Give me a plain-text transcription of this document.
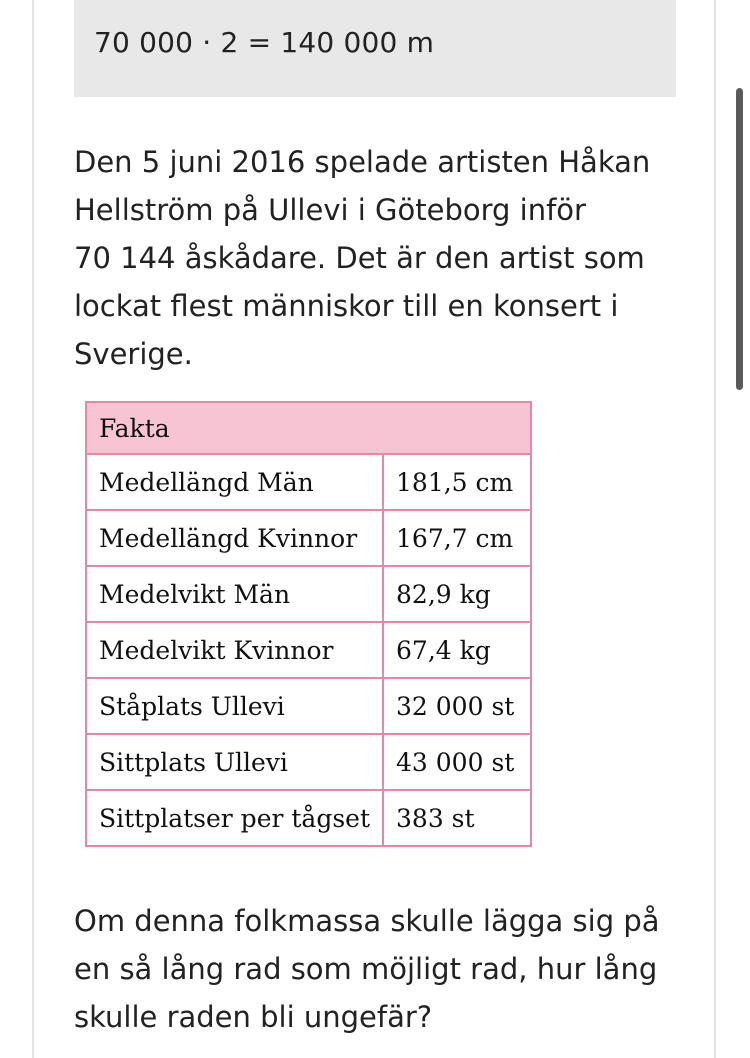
70 000 · 2 = 140 000 m

Den 5 juni 2016 spelade artisten Håkan
Hellström på Ullevi i Göteborg inför
70 144 åskådare. Det är den artist som
lockat flest människor till en konsert i
Sverige.

Fakta	
Medellängd Män	181,5 cm
Medellängd Kvinnor	167,7 cm
Medelvikt Män	82,9 kg
Medelvikt Kvinnor	67,4 kg
Ståplats Ullevi	32 000 st
Sittplats Ullevi	43 000 st
Sittplatser per tågset	383 st

Om denna folkmassa skulle lägga sig på
en så lång rad som möjligt rad, hur lång
skulle raden bli ungefär?
